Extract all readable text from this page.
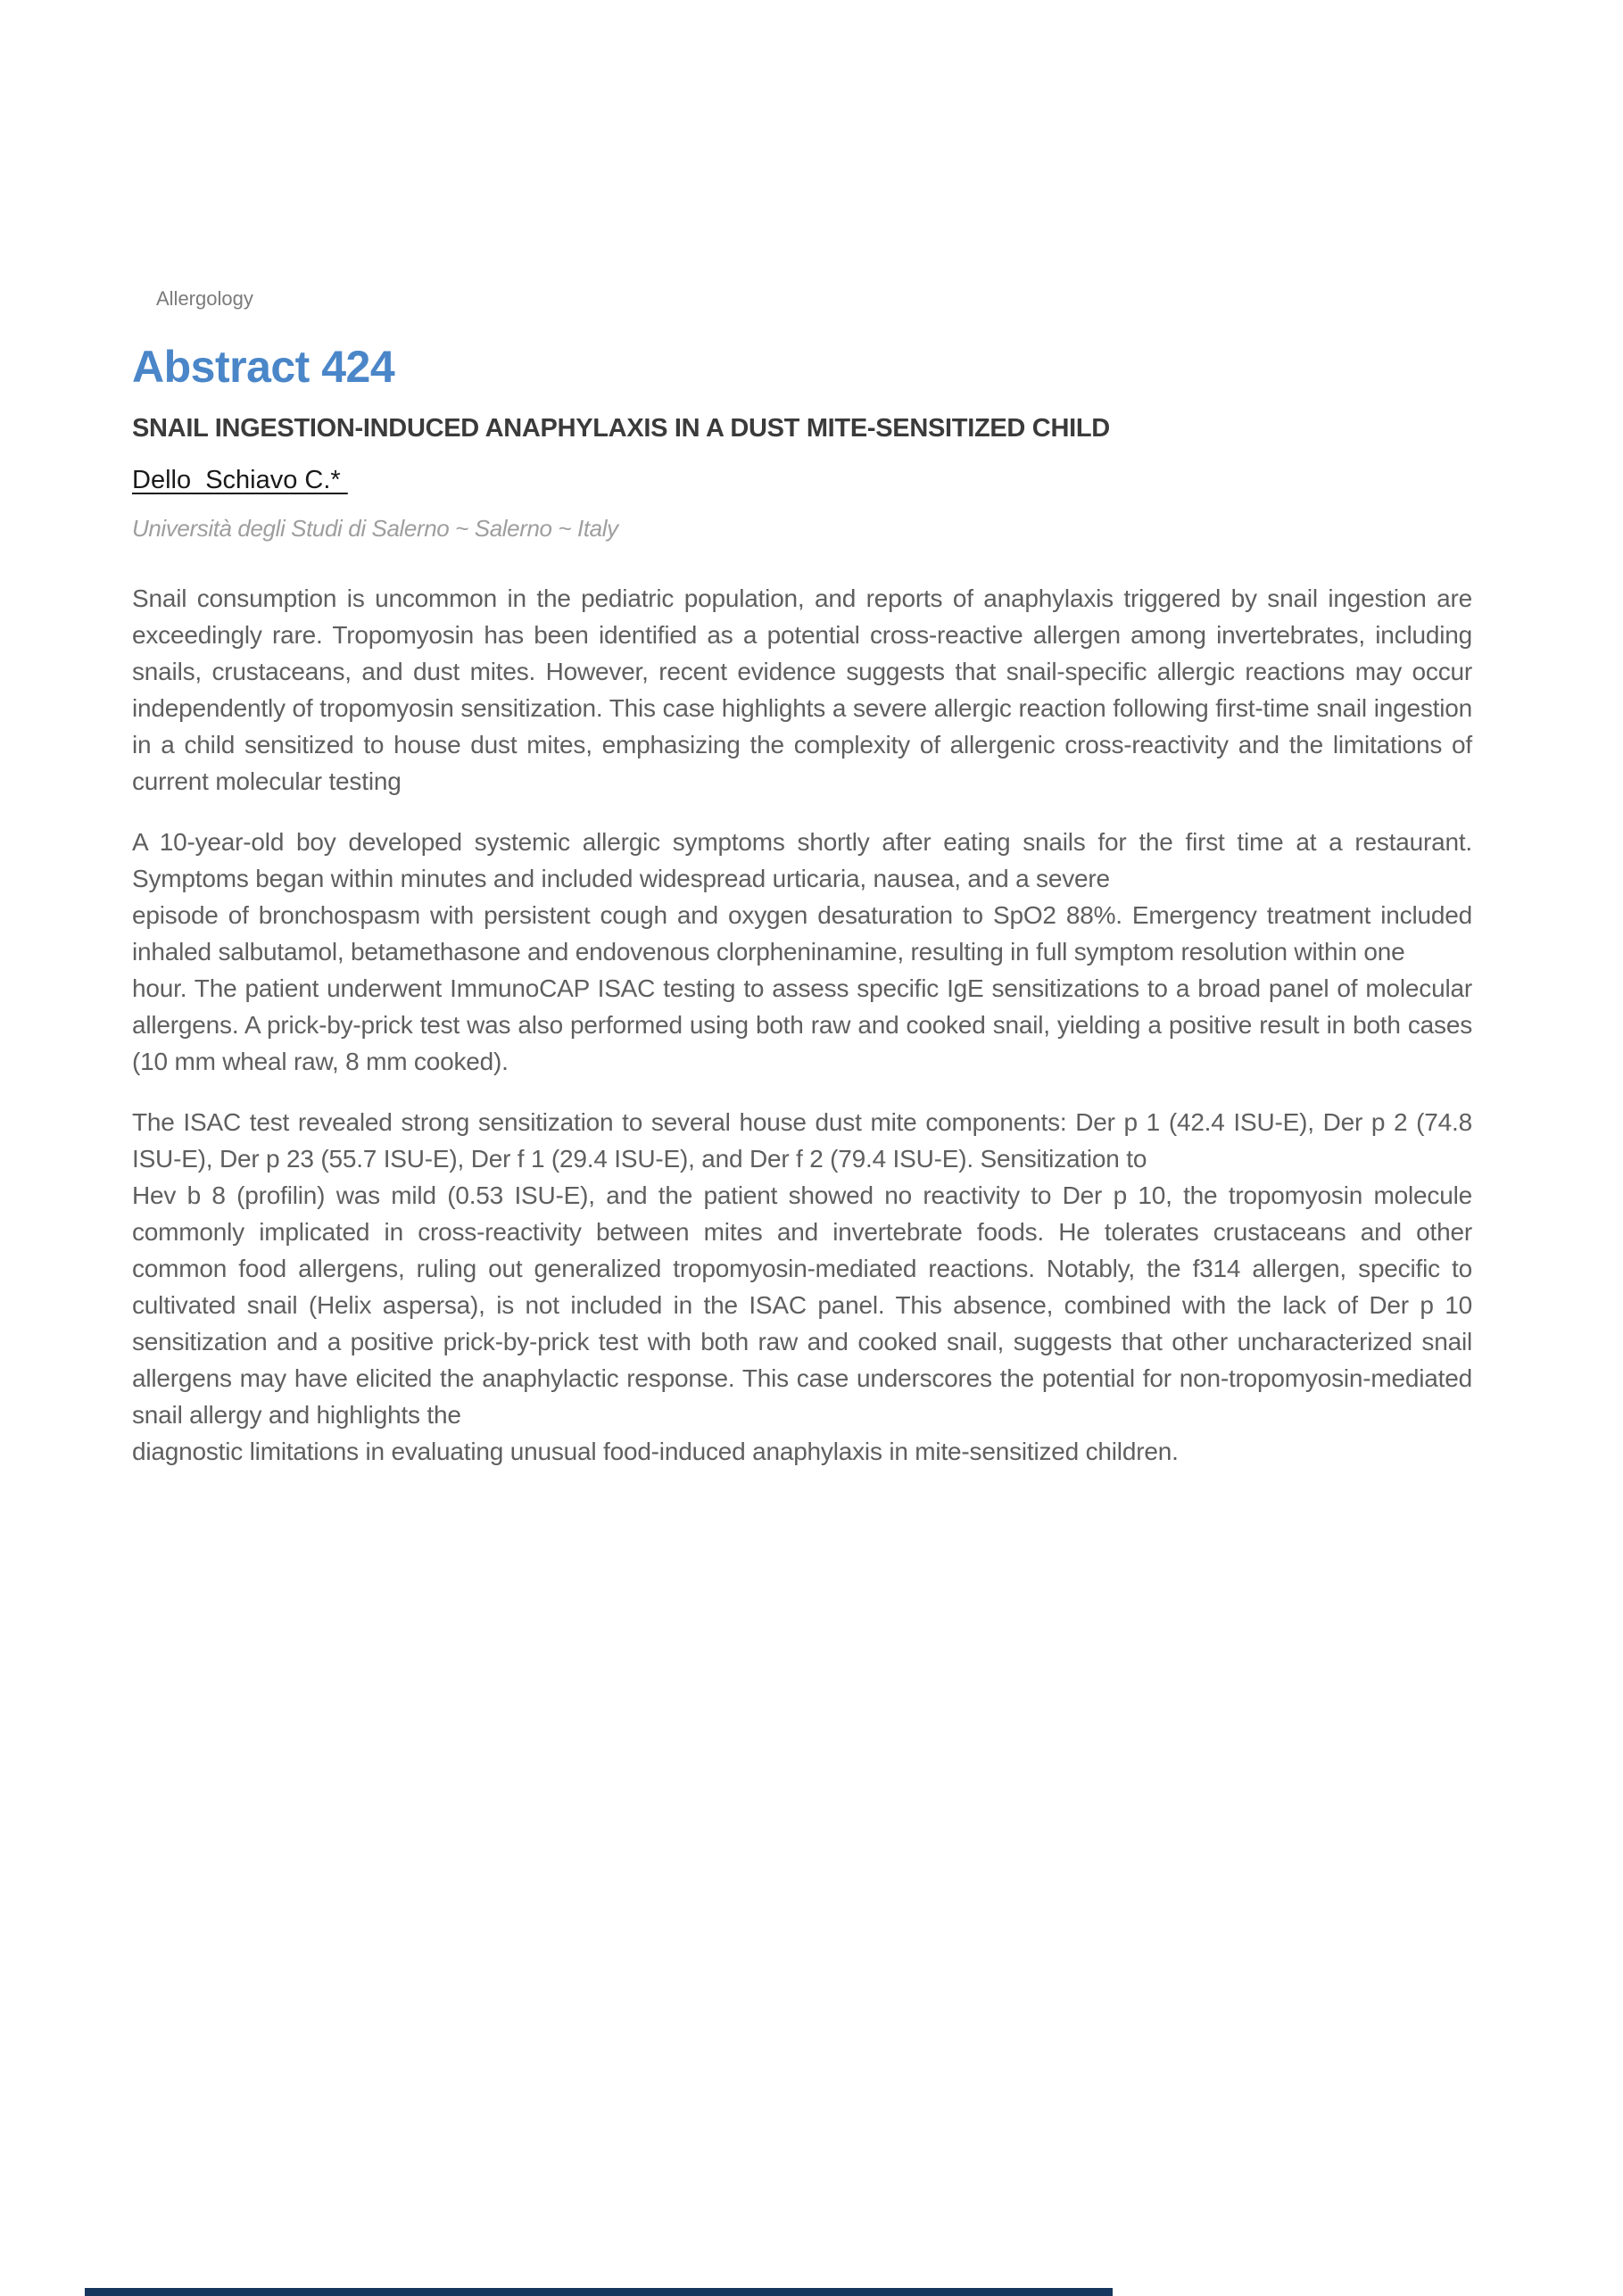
Allergology
Abstract 424
SNAIL INGESTION-INDUCED ANAPHYLAXIS IN A DUST MITE-SENSITIZED CHILD
Dello  Schiavo C.*
Università degli Studi di Salerno ~ Salerno ~ Italy
Snail consumption is uncommon in the pediatric population, and reports of anaphylaxis triggered by snail ingestion are exceedingly rare. Tropomyosin has been identified as a potential cross-reactive allergen among invertebrates, including snails, crustaceans, and dust mites. However, recent evidence suggests that snail-specific allergic reactions may occur independently of tropomyosin sensitization. This case highlights a severe allergic reaction following first-time snail ingestion in a child sensitized to house dust mites, emphasizing the complexity of allergenic cross-reactivity and the limitations of current molecular testing
A 10-year-old boy developed systemic allergic symptoms shortly after eating snails for the first time at a restaurant. Symptoms began within minutes and included widespread urticaria, nausea, and a severe
episode of bronchospasm with persistent cough and oxygen desaturation to SpO2 88%. Emergency treatment included inhaled salbutamol, betamethasone and endovenous clorpheninamine, resulting in full symptom resolution within one
hour. The patient underwent ImmunoCAP ISAC testing to assess specific IgE sensitizations to a broad panel of molecular allergens. A prick-by-prick test was also performed using both raw and cooked snail, yielding a positive result in both cases (10 mm wheal raw, 8 mm cooked).
The ISAC test revealed strong sensitization to several house dust mite components: Der p 1 (42.4 ISU-E), Der p 2 (74.8 ISU-E), Der p 23 (55.7 ISU-E), Der f 1 (29.4 ISU-E), and Der f 2 (79.4 ISU-E). Sensitization to
Hev b 8 (profilin) was mild (0.53 ISU-E), and the patient showed no reactivity to Der p 10, the tropomyosin molecule commonly implicated in cross-reactivity between mites and invertebrate foods. He tolerates crustaceans and other common food allergens, ruling out generalized tropomyosin-mediated reactions. Notably, the f314 allergen, specific to cultivated snail (Helix aspersa), is not included in the ISAC panel. This absence, combined with the lack of Der p 10 sensitization and a positive prick-by-prick test with both raw and cooked snail, suggests that other uncharacterized snail allergens may have elicited the anaphylactic response. This case underscores the potential for non-tropomyosin-mediated snail allergy and highlights the
diagnostic limitations in evaluating unusual food-induced anaphylaxis in mite-sensitized children.
